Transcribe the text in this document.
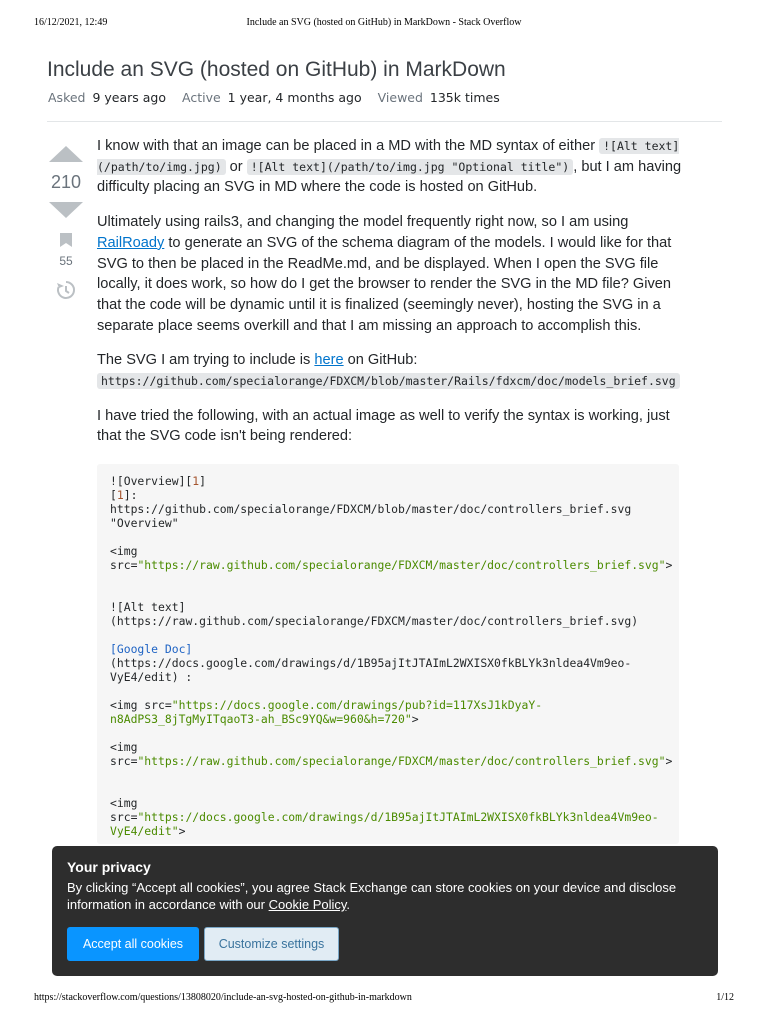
16/12/2021, 12:49	Include an SVG (hosted on GitHub) in MarkDown - Stack Overflow
Include an SVG (hosted on GitHub) in MarkDown
Asked 9 years ago Active 1 year, 4 months ago Viewed 135k times
210
55

I know with that an image can be placed in a MD with the MD syntax of either ![Alt text](/path/to/img.jpg) or ![Alt text](/path/to/img.jpg "Optional title") , but I am having difficulty placing an SVG in MD where the code is hosted on GitHub.

Ultimately using rails3, and changing the model frequently right now, so I am using RailRoady to generate an SVG of the schema diagram of the models. I would like for that SVG to then be placed in the ReadMe.md, and be displayed. When I open the SVG file locally, it does work, so how do I get the browser to render the SVG in the MD file? Given that the code will be dynamic until it is finalized (seemingly never), hosting the SVG in a separate place seems overkill and that I am missing an approach to accomplish this.

The SVG I am trying to include is here on GitHub:
https://github.com/specialorange/FDXCM/blob/master/Rails/fdxcm/doc/models_brief.svg

I have tried the following, with an actual image as well to verify the syntax is working, just that the SVG code isn't being rendered:

![Overview][1]
[1]:
https://github.com/specialorange/FDXCM/blob/master/doc/controllers_brief.svg
"Overview"
<img
src="https://raw.github.com/specialorange/FDXCM/master/doc/controllers_brief.svg">
![Alt text]
(https://raw.github.com/specialorange/FDXCM/master/doc/controllers_brief.svg)
[Google Doc]
(https://docs.google.com/drawings/d/1B95ajItJTAImL2WXISX0fkBLYk3nldea4Vm9eo-
VyE4/edit) :
<img src="https://docs.google.com/drawings/pub?id=117XsJ1kDyaY-
n8AdPS3_8jTgMyITqaoT3-ah_BSc9YQ&w=960&h=720">
<img
src="https://raw.github.com/specialorange/FDXCM/master/doc/controllers_brief.svg">
<img
src="https://docs.google.com/drawings/d/1B95ajItJTAImL2WXISX0fkBLYk3nldea4Vm9eo-
VyE4/edit">
Your privacy
By clicking “Accept all cookies”, you agree Stack Exchange can store cookies on your device and disclose information in accordance with our Cookie Policy.
Accept all cookies	Customize settings
https://stackoverflow.com/questions/13808020/include-an-svg-hosted-on-github-in-markdown	1/12
